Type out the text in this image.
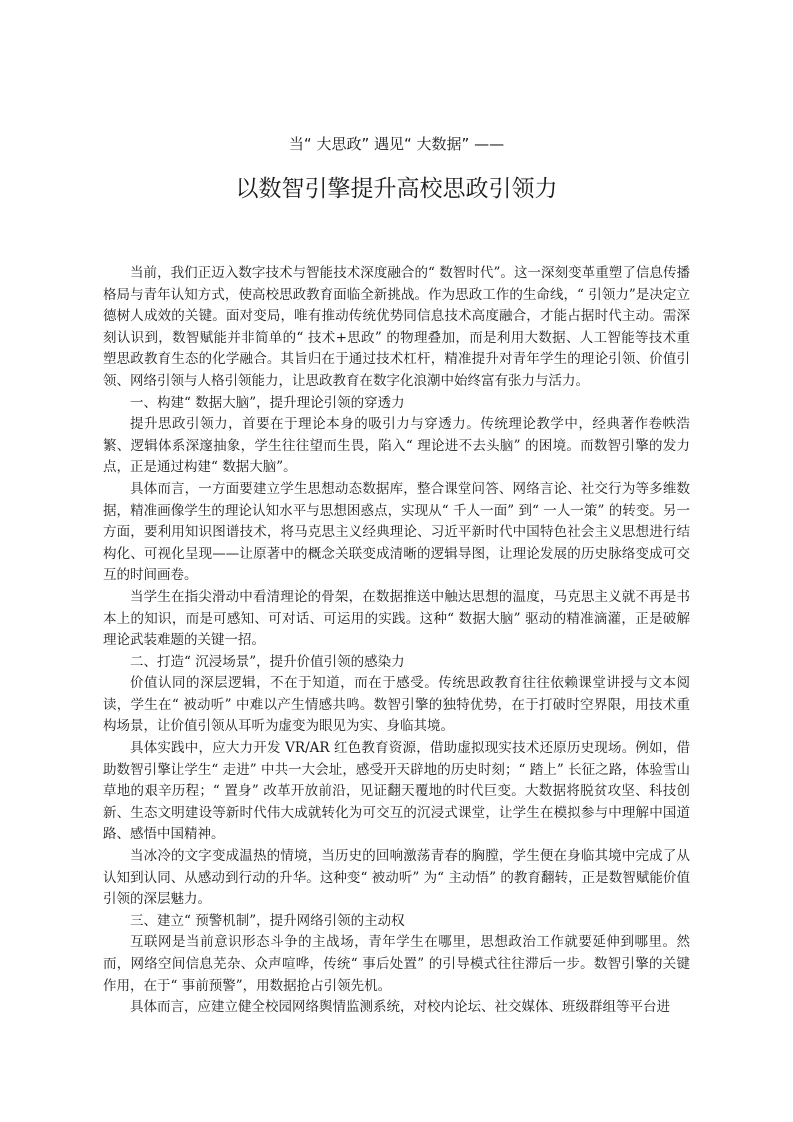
当“ 大思政” 遇见“ 大数据” ——
以数智引擎提升高校思政引领力

当前，我们正迈入数字技术与智能技术深度融合的“ 数智时代”。这一深刻变革重塑了信息传播格局与青年认知方式，使高校思政教育面临全新挑战。作为思政工作的生命线，“ 引领力”是决定立德树人成效的关键。面对变局，唯有推动传统优势同信息技术高度融合，才能占据时代主动。需深刻认识到，数智赋能并非简单的“ 技术+思政” 的物理叠加，而是利用大数据、人工智能等技术重塑思政教育生态的化学融合。其旨归在于通过技术杠杆，精准提升对青年学生的理论引领、价值引领、网络引领与人格引领能力，让思政教育在数字化浪潮中始终富有张力与活力。

一、构建“ 数据大脑”，提升理论引领的穿透力

提升思政引领力，首要在于理论本身的吸引力与穿透力。传统理论教学中，经典著作卷帙浩繁、逻辑体系深邃抽象，学生往往望而生畏，陷入“ 理论进不去头脑” 的困境。而数智引擎的发力点，正是通过构建“ 数据大脑”。

具体而言，一方面要建立学生思想动态数据库，整合课堂问答、网络言论、社交行为等多维数据，精准画像学生的理论认知水平与思想困惑点，实现从“ 千人一面” 到“ 一人一策” 的转变。另一方面，要利用知识图谱技术，将马克思主义经典理论、习近平新时代中国特色社会主义思想进行结构化、可视化呈现——让原著中的概念关联变成清晰的逻辑导图，让理论发展的历史脉络变成可交互的时间画卷。

当学生在指尖滑动中看清理论的骨架，在数据推送中触达思想的温度，马克思主义就不再是书本上的知识，而是可感知、可对话、可运用的实践。这种“ 数据大脑” 驱动的精准滴灌，正是破解理论武装难题的关键一招。

二、打造“ 沉浸场景”，提升价值引领的感染力

价值认同的深层逻辑，不在于知道，而在于感受。传统思政教育往往依赖课堂讲授与文本阅读，学生在“ 被动听” 中难以产生情感共鸣。数智引擎的独特优势，在于打破时空界限，用技术重构场景，让价值引领从耳听为虚变为眼见为实、身临其境。

具体实践中，应大力开发 VR/AR 红色教育资源，借助虚拟现实技术还原历史现场。例如，借助数智引擎让学生“ 走进” 中共一大会址，感受开天辟地的历史时刻；“ 踏上” 长征之路，体验雪山草地的艰辛历程；“ 置身” 改革开放前沿，见证翻天覆地的时代巨变。大数据将脱贫攻坚、科技创新、生态文明建设等新时代伟大成就转化为可交互的沉浸式课堂，让学生在模拟参与中理解中国道路、感悟中国精神。

当冰冷的文字变成温热的情境，当历史的回响激荡青春的胸膛，学生便在身临其境中完成了从认知到认同、从感动到行动的升华。这种变“ 被动听” 为“ 主动悟” 的教育翻转，正是数智赋能价值引领的深层魅力。

三、建立“ 预警机制”，提升网络引领的主动权

互联网是当前意识形态斗争的主战场，青年学生在哪里，思想政治工作就要延伸到哪里。然而，网络空间信息芜杂、众声喧哗，传统“ 事后处置” 的引导模式往往滞后一步。数智引擎的关键作用，在于“ 事前预警”，用数据抢占引领先机。

具体而言，应建立健全校园网络舆情监测系统，对校内论坛、社交媒体、班级群组等平台进
